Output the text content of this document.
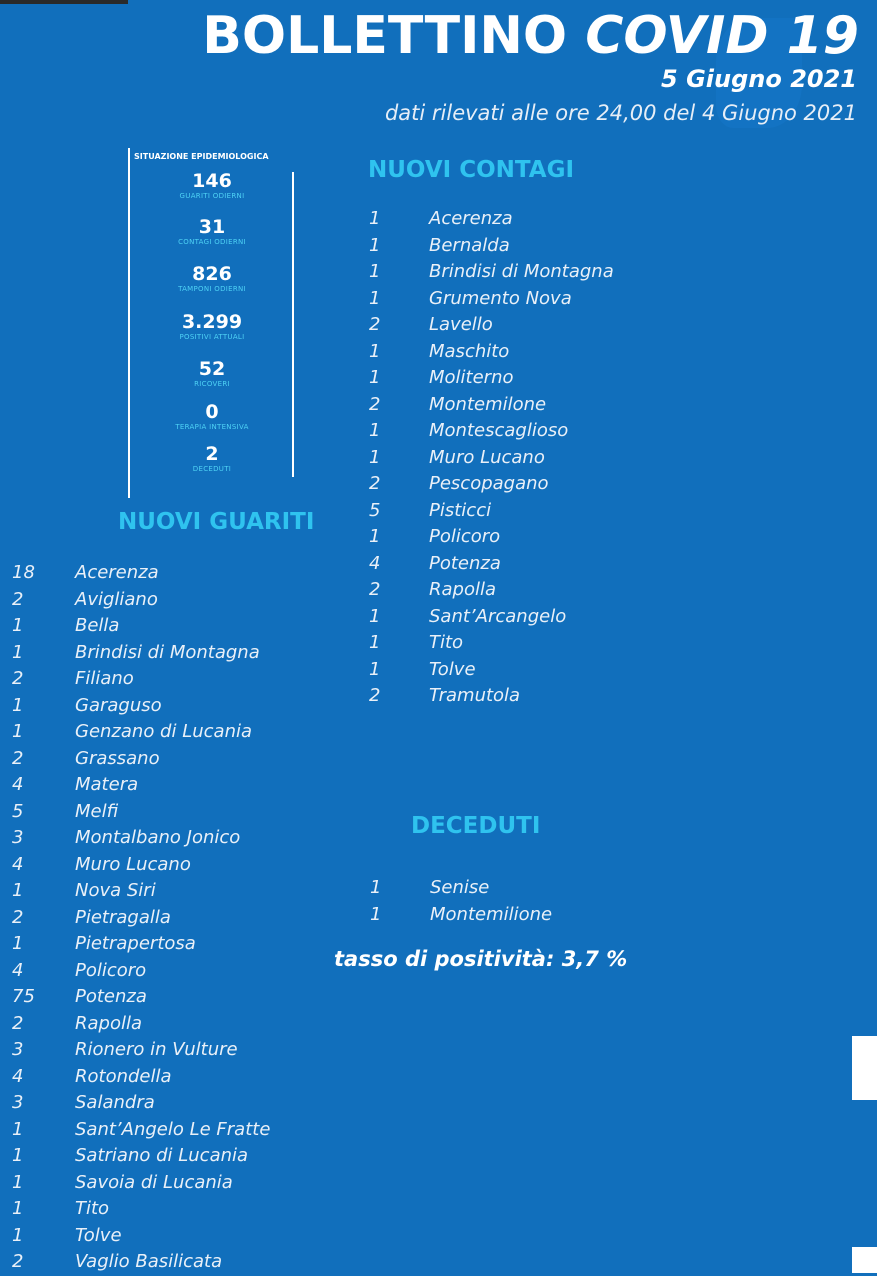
BOLLETTINO COVID 19
5 Giugno 2021
dati rilevati alle ore 24,00 del 4 Giugno 2021
SITUAZIONE EPIDEMIOLOGICA
146
GUARITI ODIERNI
31
CONTAGI ODIERNI
826
TAMPONI ODIERNI
3.299
POSITIVI ATTUALI
52
RICOVERI
0
TERAPIA INTENSIVA
2
DECEDUTI
NUOVI GUARITI
18 Acerenza
2	Avigliano
1	Bella
1	Brindisi di Montagna
2	Filiano
1	Garaguso
1	Genzano di Lucania
2	Grassano
4	Matera
5	Melfi
3	Montalbano Jonico
4	Muro Lucano
1	Nova Siri
2	Pietragalla
1	Pietrapertosa
4	Policoro
75 Potenza
2	Rapolla
3	Rionero in Vulture
4	Rotondella
3	Salandra
1	Sant’Angelo Le Fratte
1	Satriano di Lucania
1	Savoia di Lucania
1	Tito
1	Tolve
2	Vaglio Basilicata
NUOVI CONTAGI
1	Acerenza
1	Bernalda
1	Brindisi di Montagna
1	Grumento Nova
2	Lavello
1	Maschito
1	Moliterno
2	Montemilone
1	Montescaglioso
1	Muro Lucano
2	Pescopagano
5	Pisticci
1	Policoro
4	Potenza
2	Rapolla
1	Sant’Arcangelo
1	Tito
1	Tolve
2	Tramutola
DECEDUTI
1	Senise
1	Montemilione
tasso di positività: 3,7 %
